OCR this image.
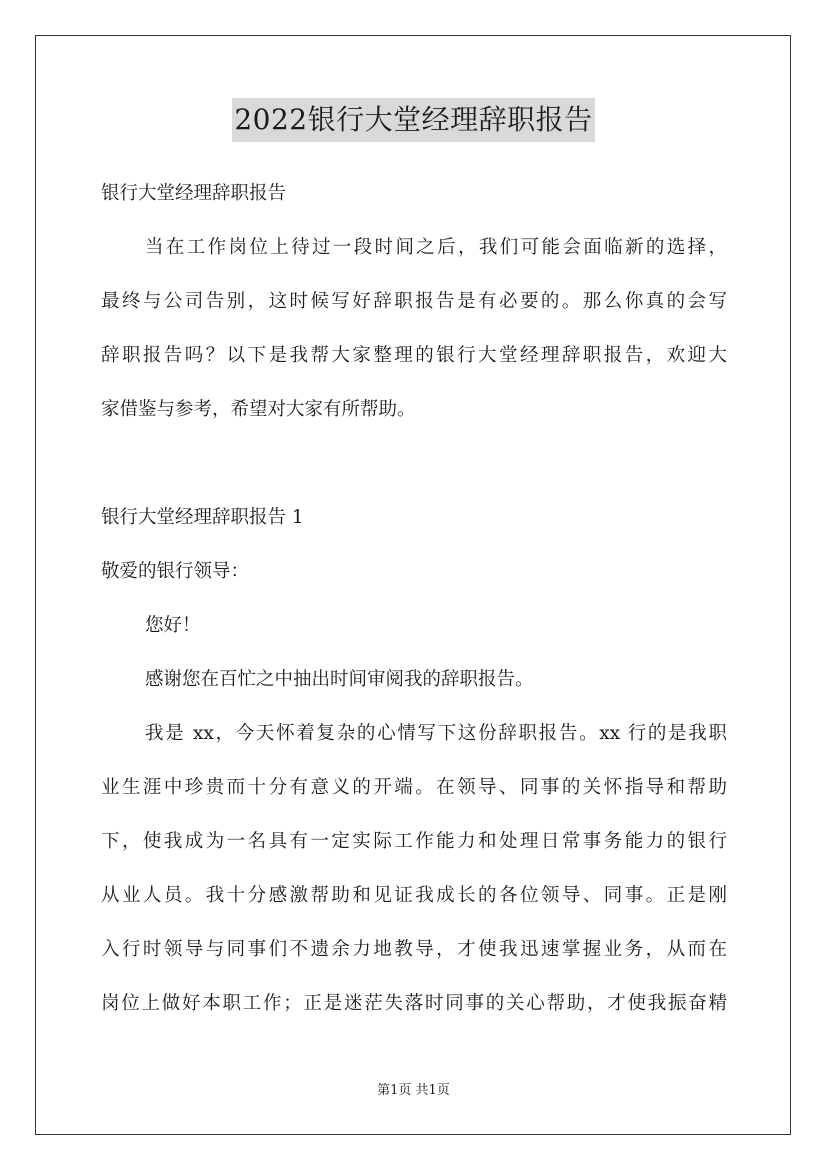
2022银行大堂经理辞职报告
银行大堂经理辞职报告
当在工作岗位上待过一段时间之后，我们可能会面临新的选择，
最终与公司告别，这时候写好辞职报告是有必要的。那么你真的会写
辞职报告吗？以下是我帮大家整理的银行大堂经理辞职报告，欢迎大
家借鉴与参考，希望对大家有所帮助。
银行大堂经理辞职报告 1
敬爱的银行领导：
您好！
感谢您在百忙之中抽出时间审阅我的辞职报告。
我是 xx，今天怀着复杂的心情写下这份辞职报告。xx 行的是我职
业生涯中珍贵而十分有意义的开端。在领导、同事的关怀指导和帮助
下，使我成为一名具有一定实际工作能力和处理日常事务能力的银行
从业人员。我十分感激帮助和见证我成长的各位领导、同事。正是刚
入行时领导与同事们不遗余力地教导，才使我迅速掌握业务，从而在
岗位上做好本职工作；正是迷茫失落时同事的关心帮助，才使我振奋精
第1页 共1页
